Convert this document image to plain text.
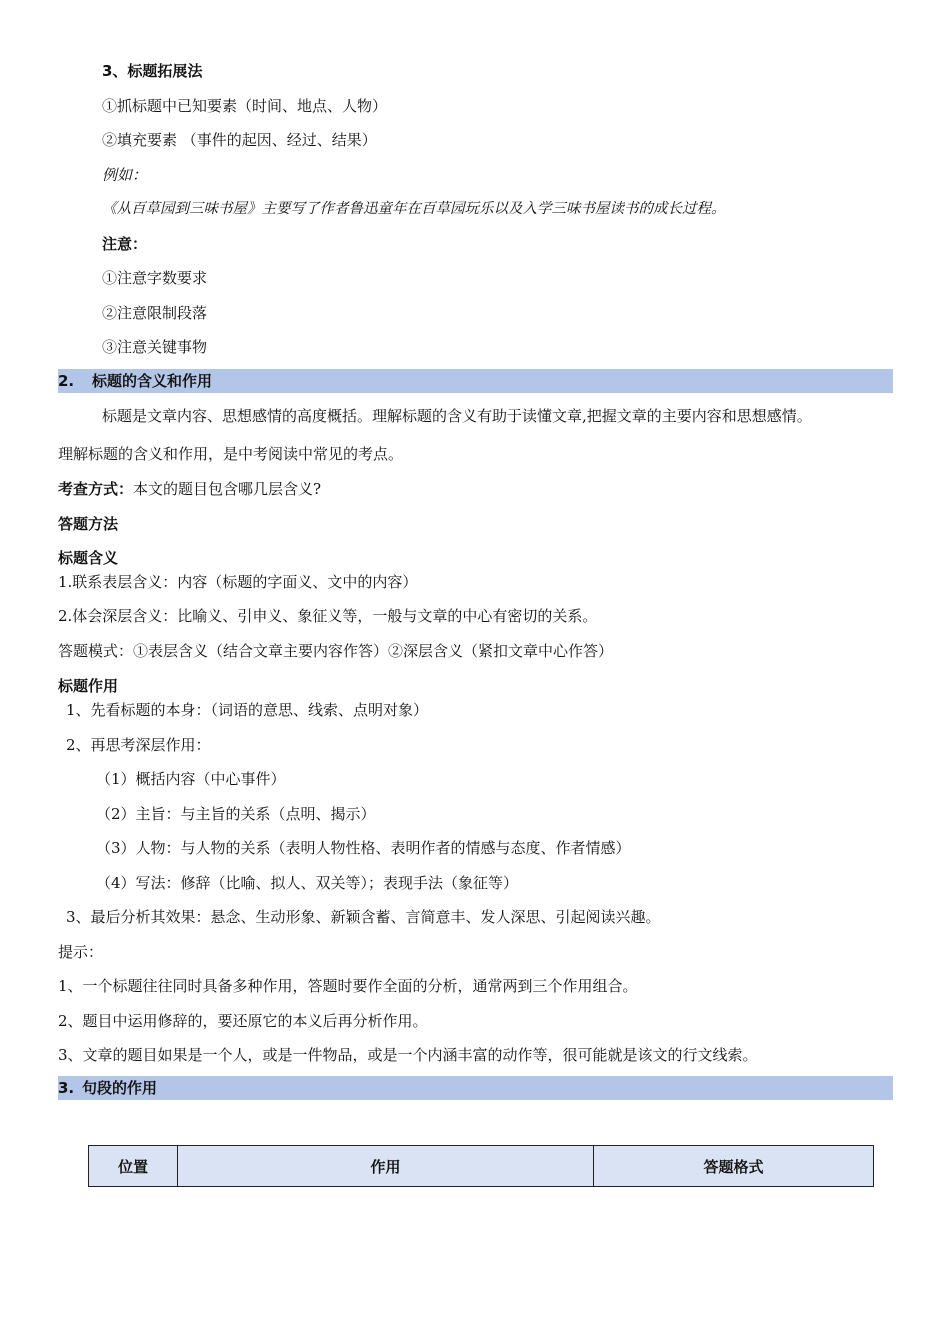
3、标题拓展法

①抓标题中已知要素（时间、地点、人物）

②填充要素 （事件的起因、经过、结果）

例如：

《从百草园到三味书屋》主要写了作者鲁迅童年在百草园玩乐以及入学三味书屋读书的成长过程。

注意：

①注意字数要求

②注意限制段落

③注意关键事物

2. 标题的含义和作用

标题是文章内容、思想感情的高度概括。理解标题的含义有助于读懂文章,把握文章的主要内容和思想感情。

理解标题的含义和作用，是中考阅读中常见的考点。

考查方式：本文的题目包含哪几层含义?

答题方法

标题含义

1.联系表层含义：内容（标题的字面义、文中的内容）

2.体会深层含义：比喻义、引申义、象征义等，一般与文章的中心有密切的关系。

答题模式：①表层含义（结合文章主要内容作答）②深层含义（紧扣文章中心作答）

标题作用

1、先看标题的本身：（词语的意思、线索、点明对象）

2、再思考深层作用：

（1）概括内容（中心事件）

（2）主旨：与主旨的关系（点明、揭示）

（3）人物：与人物的关系（表明人物性格、表明作者的情感与态度、作者情感）

（4）写法：修辞（比喻、拟人、双关等）；表现手法（象征等）

3、最后分析其效果：悬念、生动形象、新颖含蓄、言简意丰、发人深思、引起阅读兴趣。

提示：

1、一个标题往往同时具备多种作用，答题时要作全面的分析，通常两到三个作用组合。

2、题目中运用修辞的，要还原它的本义后再分析作用。

3、文章的题目如果是一个人，或是一件物品，或是一个内涵丰富的动作等，很可能就是该文的行文线索。

3. 句段的作用
位置	作用	答题格式
